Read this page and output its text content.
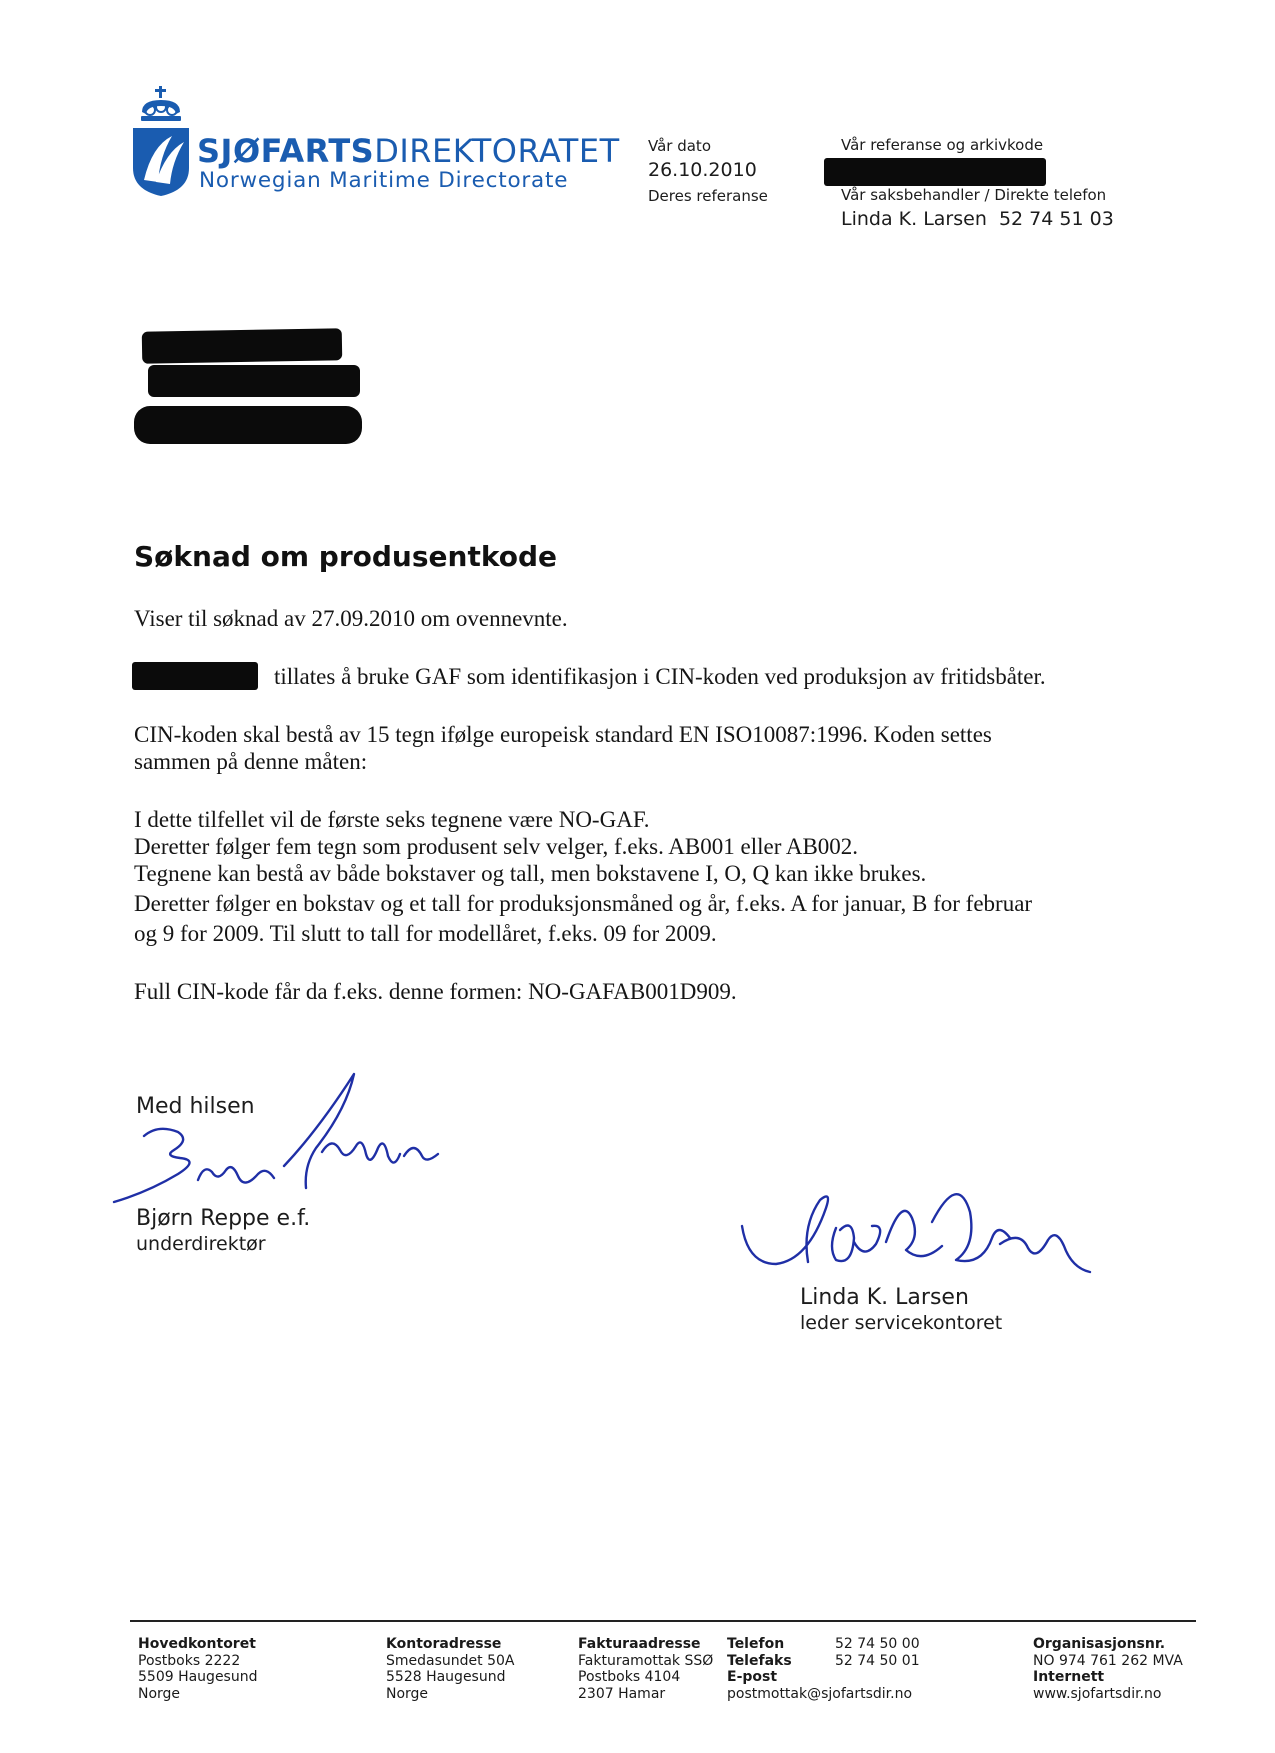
SJØFARTSDIREKTORATET
Norwegian Maritime Directorate
Vår dato
26.10.2010
Deres referanse
Vår referanse og arkivkode
Vår saksbehandler / Direkte telefon
Linda K. Larsen 52 74 51 03
Søknad om produsentkode
Viser til søknad av 27.09.2010 om ovennevnte.
tillates å bruke GAF som identifikasjon i CIN-koden ved produksjon av fritidsbåter.
CIN-koden skal bestå av 15 tegn ifølge europeisk standard EN ISO10087:1996. Koden settes
sammen på denne måten:
I dette tilfellet vil de første seks tegnene være NO-GAF.
Deretter følger fem tegn som produsent selv velger, f.eks. AB001 eller AB002.
Tegnene kan bestå av både bokstaver og tall, men bokstavene I, O, Q kan ikke brukes.
Deretter følger en bokstav og et tall for produksjonsmåned og år, f.eks. A for januar, B for februar
og 9 for 2009. Til slutt to tall for modellåret, f.eks. 09 for 2009.
Full CIN-kode får da f.eks. denne formen: NO-GAFAB001D909.
Med hilsen
Bjørn Reppe e.f.
underdirektør
Linda K. Larsen
leder servicekontoret
Hovedkontoret
Postboks 2222
5509 Haugesund
Norge
Kontoradresse
Smedasundet 50A
5528 Haugesund
Norge
Fakturaadresse
Fakturamottak SSØ
Postboks 4104
2307 Hamar
Telefon
Telefaks
E-post
postmottak@sjofartsdir.no
52 74 50 00
52 74 50 01
Organisasjonsnr.
NO 974 761 262 MVA
Internett
www.sjofartsdir.no
